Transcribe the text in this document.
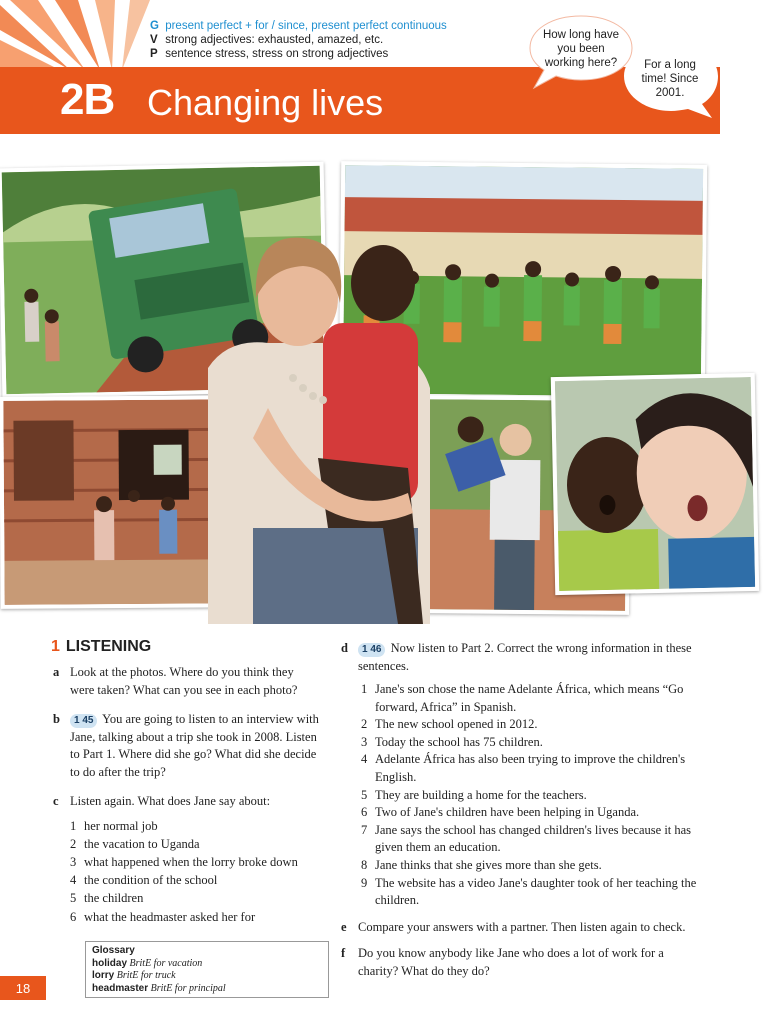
G present perfect + for / since, present perfect continuous
V strong adjectives: exhausted, amazed, etc.
P sentence stress, stress on strong adjectives
2B Changing lives
How long have you been working here?	For a long time! Since 2001.
1 LISTENING
a Look at the photos. Where do you think they were taken? What can you see in each photo?
b	1 45 You are going to listen to an interview with Jane, talking about a trip she took in 2008. Listen to Part 1. Where did she go? What did she decide to do after the trip?
c Listen again. What does Jane say about:
1 her normal job
2 the vacation to Uganda
3 what happened when the lorry broke down
4 the condition of the school
5 the children
6 what the headmaster asked her for
Glossary
holiday BritE for vacation
lorry BritE for truck
headmaster BritE for principal
d	1 46 Now listen to Part 2. Correct the wrong information in these sentences.
1 Jane's son chose the name Adelante África, which means “Go forward, Africa” in Spanish.
2 The new school opened in 2012.
3 Today the school has 75 children.
4 Adelante África has also been trying to improve the children's English.
5 They are building a home for the teachers.
6 Two of Jane's children have been helping in Uganda.
7 Jane says the school has changed children's lives because it has given them an education.
8 Jane thinks that she gives more than she gets.
9 The website has a video Jane's daughter took of her teaching the children.
e Compare your answers with a partner. Then listen again to check.
f	Do you know anybody like Jane who does a lot of work for a charity? What do they do?
18
